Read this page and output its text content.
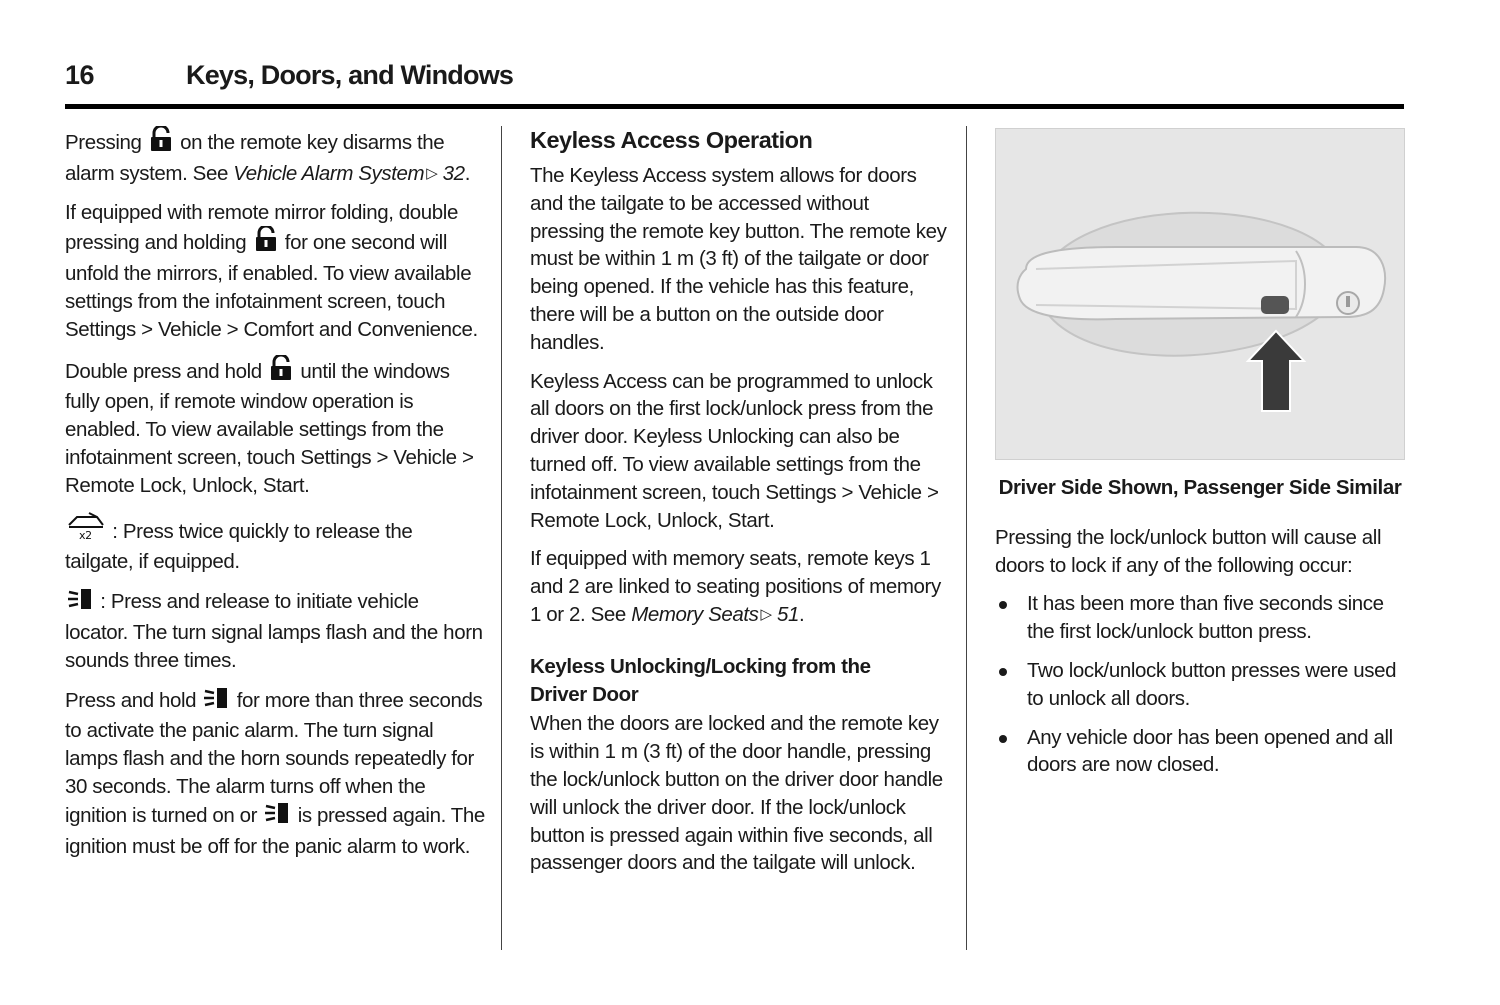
16	Keys, Doors, and Windows

Pressing on the remote key disarms the alarm system. See Vehicle Alarm System ▷ 32.

If equipped with remote mirror folding, double pressing and holding for one second will unfold the mirrors, if enabled. To view available settings from the infotainment screen, touch Settings > Vehicle > Comfort and Convenience.

Double press and hold until the windows fully open, if remote window operation is enabled. To view available settings from the infotainment screen, touch Settings > Vehicle > Remote Lock, Unlock, Start.

x2 : Press twice quickly to release the tailgate, if equipped.

: Press and release to initiate vehicle locator. The turn signal lamps flash and the horn sounds three times.

Press and hold for more than three seconds to activate the panic alarm. The turn signal lamps flash and the horn sounds repeatedly for 30 seconds. The alarm turns off when the ignition is turned on or is pressed again. The ignition must be off for the panic alarm to work.

Keyless Access Operation

The Keyless Access system allows for doors and the tailgate to be accessed without pressing the remote key button. The remote key must be within 1 m (3 ft) of the tailgate or door being opened. If the vehicle has this feature, there will be a button on the outside door handles.

Keyless Access can be programmed to unlock all doors on the first lock/unlock press from the driver door. Keyless Unlocking can also be turned off. To view available settings from the infotainment screen, touch Settings > Vehicle > Remote Lock, Unlock, Start.

If equipped with memory seats, remote keys 1 and 2 are linked to seating positions of memory 1 or 2. See Memory Seats ▷ 51.

Keyless Unlocking/Locking from the
Driver Door

When the doors are locked and the remote key is within 1 m (3 ft) of the door handle, pressing the lock/unlock button on the driver door handle will unlock the driver door. If the lock/unlock button is pressed again within five seconds, all passenger doors and the tailgate will unlock.

Driver Side Shown, Passenger Side Similar

Pressing the lock/unlock button will cause all doors to lock if any of the following occur:

It has been more than five seconds since the first lock/unlock button press.
Two lock/unlock button presses were used to unlock all doors.
Any vehicle door has been opened and all doors are now closed.
